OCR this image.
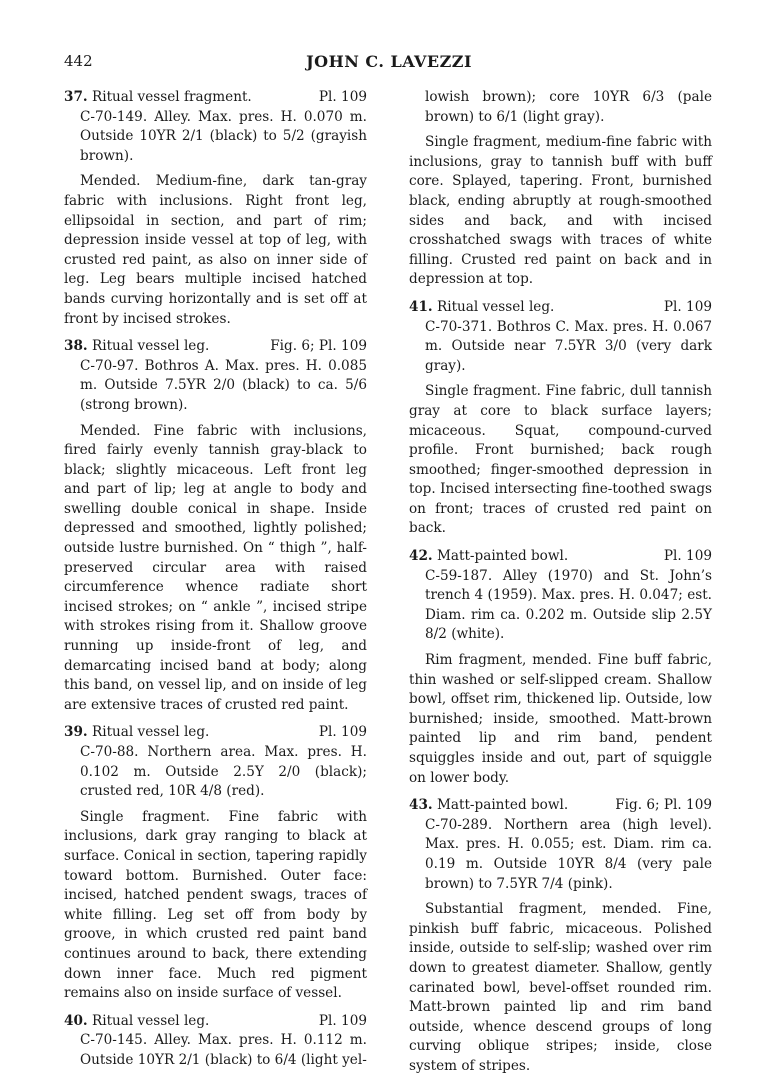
442	JOHN C. LAVEZZI

37. Ritual vessel fragment.	Pl. 109

C-70-149. Alley. Max. pres. H. 0.070 m. Outside 10YR 2/1 (black) to 5/2 (grayish brown).

Mended. Medium-fine, dark tan-gray fabric with inclusions. Right front leg, ellipsoidal in section, and part of rim; depression inside vessel at top of leg, with crusted red paint, as also on inner side of leg. Leg bears multiple incised hatched bands curving horizontally and is set off at front by incised strokes.

38. Ritual vessel leg.	Fig. 6; Pl. 109

C-70-97. Bothros A. Max. pres. H. 0.085 m. Outside 7.5YR 2/0 (black) to ca. 5/6 (strong brown).

Mended. Fine fabric with inclusions, fired fairly evenly tannish gray-black to black; slightly micaceous. Left front leg and part of lip; leg at angle to body and swelling double conical in shape. Inside depressed and smoothed, lightly polished; outside lustre burnished. On “ thigh ”, half-preserved circular area with raised circumference whence radiate short incised strokes; on “ ankle ”, incised stripe with strokes rising from it. Shallow groove running up inside-front of leg, and demarcating incised band at body; along this band, on vessel lip, and on inside of leg are extensive traces of crusted red paint.

39. Ritual vessel leg.	Pl. 109

C-70-88. Northern area. Max. pres. H. 0.102 m. Outside 2.5Y 2/0 (black); crusted red, 10R 4/8 (red).

Single fragment. Fine fabric with inclusions, dark gray ranging to black at surface. Conical in section, tapering rapidly toward bottom. Burnished. Outer face: incised, hatched pendent swags, traces of white filling. Leg set off from body by groove, in which crusted red paint band continues around to back, there extending down inner face. Much red pigment remains also on inside surface of vessel.

40. Ritual vessel leg.	Pl. 109

C-70-145. Alley. Max. pres. H. 0.112 m. Outside 10YR 2/1 (black) to 6/4 (light yel-

lowish brown); core 10YR 6/3 (pale brown) to 6/1 (light gray).

Single fragment, medium-fine fabric with inclusions, gray to tannish buff with buff core. Splayed, tapering. Front, burnished black, ending abruptly at rough-smoothed sides and back, and with incised crosshatched swags with traces of white filling. Crusted red paint on back and in depression at top.

41. Ritual vessel leg.	Pl. 109

C-70-371. Bothros C. Max. pres. H. 0.067 m. Outside near 7.5YR 3/0 (very dark gray).

Single fragment. Fine fabric, dull tannish gray at core to black surface layers; micaceous. Squat, compound-curved profile. Front burnished; back rough smoothed; finger-smoothed depression in top. Incised intersecting fine-toothed swags on front; traces of crusted red paint on back.

42. Matt-painted bowl.	Pl. 109

C-59-187. Alley (1970) and St. John’s trench 4 (1959). Max. pres. H. 0.047; est. Diam. rim ca. 0.202 m. Outside slip 2.5Y 8/2 (white).

Rim fragment, mended. Fine buff fabric, thin washed or self-slipped cream. Shallow bowl, offset rim, thickened lip. Outside, low burnished; inside, smoothed. Matt-brown painted lip and rim band, pendent squiggles inside and out, part of squiggle on lower body.

43. Matt-painted bowl.	Fig. 6; Pl. 109

C-70-289. Northern area (high level). Max. pres. H. 0.055; est. Diam. rim ca. 0.19 m. Outside 10YR 8/4 (very pale brown) to 7.5YR 7/4 (pink).

Substantial fragment, mended. Fine, pinkish buff fabric, micaceous. Polished inside, outside to self-slip; washed over rim down to greatest diameter. Shallow, gently carinated bowl, bevel-offset rounded rim. Matt-brown painted lip and rim band outside, whence descend groups of long curving oblique stripes; inside, close system of stripes.
